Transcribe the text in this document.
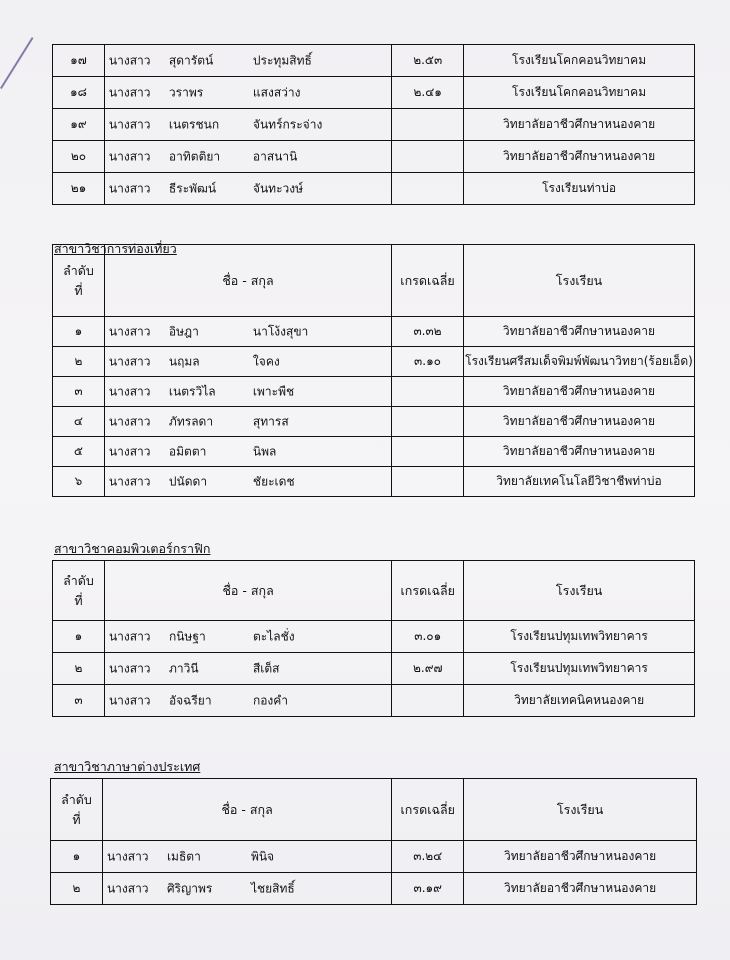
๑๗	นางสาว สุดารัตน์ ประทุมสิทธิ์	๒.๕๓	โรงเรียนโคกคอนวิทยาคม
๑๘	นางสาว วราพร แสงสว่าง	๒.๔๑	โรงเรียนโคกคอนวิทยาคม
๑๙	นางสาว เนตรชนก จันทร์กระจ่าง		วิทยาลัยอาชีวศึกษาหนองคาย
๒๐	นางสาว อาทิตติยา อาสนานิ		วิทยาลัยอาชีวศึกษาหนองคาย
๒๑	นางสาว ธีระพัฒน์ จันทะวงษ์		โรงเรียนท่าบ่อ
สาขาวิชาการท่องเที่ยว
ลำดับ
ที่	ชื่อ - สกุล	เกรดเฉลี่ย	โรงเรียน
๑	นางสาว อิษฎา นาโง้งสุขา	๓.๓๒	วิทยาลัยอาชีวศึกษาหนองคาย
๒	นางสาว นฤมล ใจคง	๓.๑๐	โรงเรียนศรีสมเด็จพิมพ์พัฒนาวิทยา(ร้อยเอ็ด)
๓	นางสาว เนตรวิไล เพาะพืช		วิทยาลัยอาชีวศึกษาหนองคาย
๔	นางสาว ภัทรลดา สุทารส		วิทยาลัยอาชีวศึกษาหนองคาย
๕	นางสาว อมิตตา นิพล		วิทยาลัยอาชีวศึกษาหนองคาย
๖	นางสาว ปนัดดา ชัยะเดช		วิทยาลัยเทคโนโลยีวิชาชีพท่าบ่อ
สาขาวิชาคอมพิวเตอร์กราฟิก
ลำดับ
ที่	ชื่อ - สกุล	เกรดเฉลี่ย	โรงเรียน
๑	นางสาว กนิษฐา ตะไลชั่ง	๓.๐๑	โรงเรียนปทุมเทพวิทยาคาร
๒	นางสาว ภาวินี สีเต็ส	๒.๙๗	โรงเรียนปทุมเทพวิทยาคาร
๓	นางสาว อัจฉรียา กองคำ		วิทยาลัยเทคนิคหนองคาย
สาขาวิชาภาษาต่างประเทศ
ลำดับ
ที่	ชื่อ - สกุล	เกรดเฉลี่ย	โรงเรียน
๑	นางสาว เมธิตา พินิจ	๓.๒๔	วิทยาลัยอาชีวศึกษาหนองคาย
๒	นางสาว ศิริญาพร ไชยสิทธิ์	๓.๑๙	วิทยาลัยอาชีวศึกษาหนองคาย
